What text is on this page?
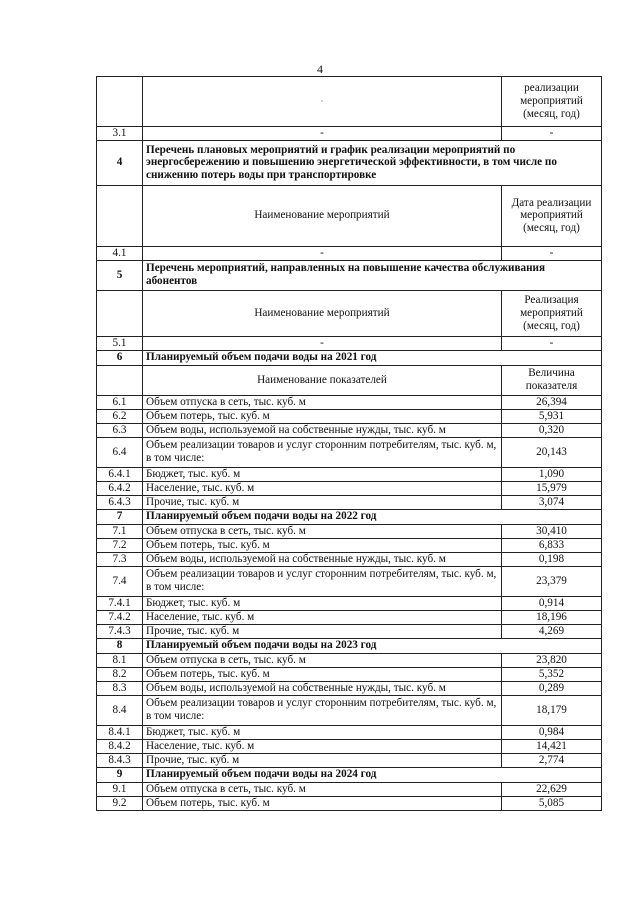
4
	·	реализации мероприятий (месяц, год)
3.1	-	-
4	Перечень плановых мероприятий и график реализации мероприятий по энергосбережению и повышению энергетической эффективности, в том числе по снижению потерь воды при транспортировке	
	Наименование мероприятий	Дата реализации мероприятий (месяц, год)
4.1	-	-
5	Перечень мероприятий, направленных на повышение качества обслуживания абонентов	
	Наименование мероприятий	Реализация мероприятий (месяц, год)
5.1	-	-
6	Планируемый объем подачи воды на 2021 год	
	Наименование показателей	Величина показателя
6.1	Объем отпуска в сеть, тыс. куб. м	26,394
6.2	Объем потерь, тыс. куб. м	5,931
6.3	Объем воды, используемой на собственные нужды, тыс. куб. м	0,320
6.4	Объем реализации товаров и услуг сторонним потребителям, тыс. куб. м, в том числе:	20,143
6.4.1	Бюджет, тыс. куб. м	1,090
6.4.2	Население, тыс. куб. м	15,979
6.4.3	Прочие, тыс. куб. м	3,074
7	Планируемый объем подачи воды на 2022 год	
7.1	Объем отпуска в сеть, тыс. куб. м	30,410
7.2	Объем потерь, тыс. куб. м	6,833
7.3	Объем воды, используемой на собственные нужды, тыс. куб. м	0,198
7.4	Объем реализации товаров и услуг сторонним потребителям, тыс. куб. м, в том числе:	23,379
7.4.1	Бюджет, тыс. куб. м	0,914
7.4.2	Население, тыс. куб. м	18,196
7.4.3	Прочие, тыс. куб. м	4,269
8	Планируемый объем подачи воды на 2023 год	
8.1	Объем отпуска в сеть, тыс. куб. м	23,820
8.2	Объем потерь, тыс. куб. м	5,352
8.3	Объем воды, используемой на собственные нужды, тыс. куб. м	0,289
8.4	Объем реализации товаров и услуг сторонним потребителям, тыс. куб. м, в том числе:	18,179
8.4.1	Бюджет, тыс. куб. м	0,984
8.4.2	Население, тыс. куб. м	14,421
8.4.3	Прочие, тыс. куб. м	2,774
9	Планируемый объем подачи воды на 2024 год	
9.1	Объем отпуска в сеть, тыс. куб. м	22,629
9.2	Объем потерь, тыс. куб. м	5,085
